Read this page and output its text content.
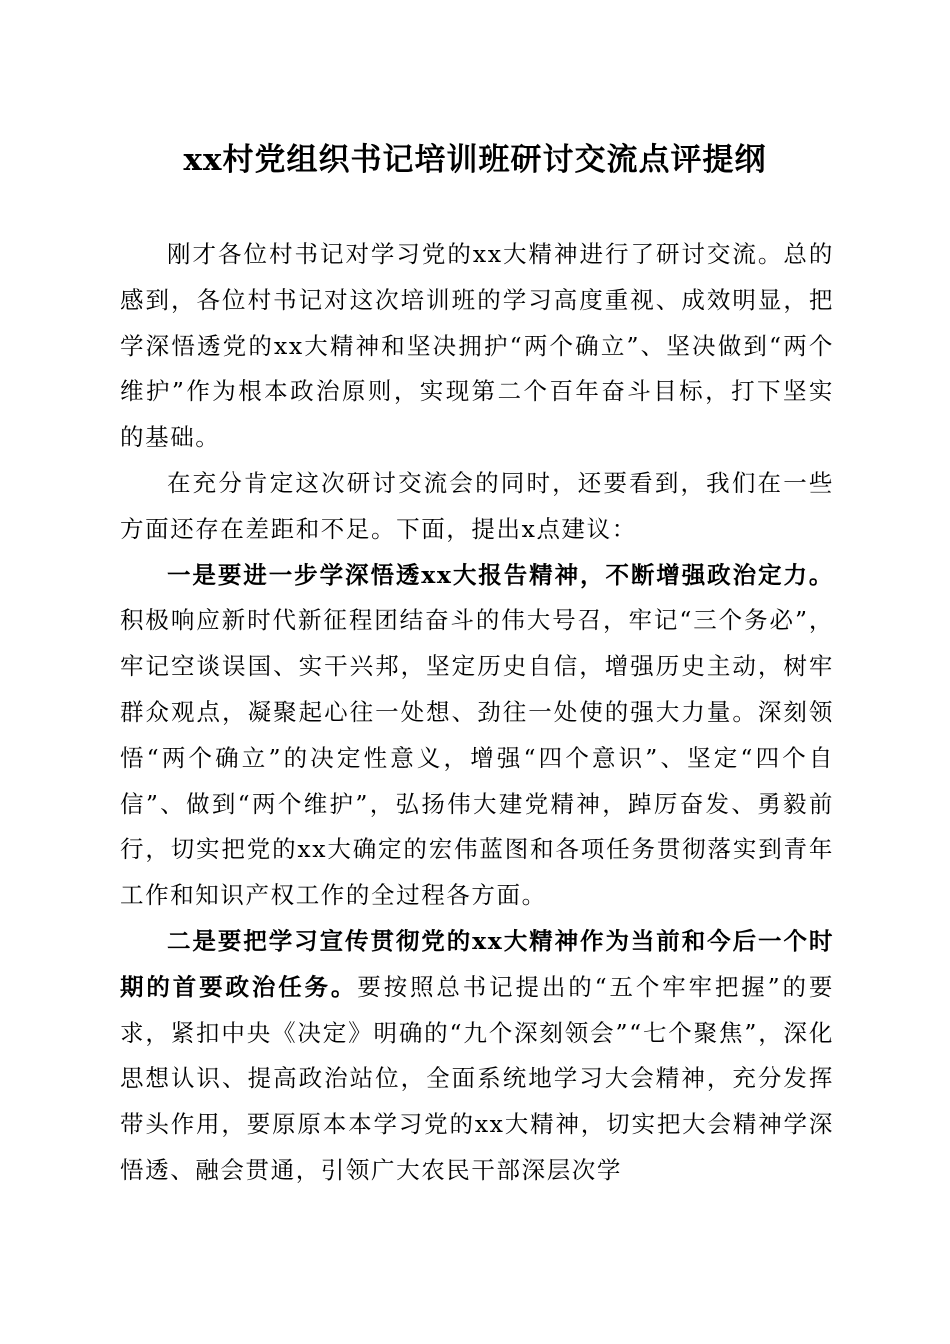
xx村党组织书记培训班研讨交流点评提纲

刚才各位村书记对学习党的xx大精神进行了研讨交流。总的感到，各位村书记对这次培训班的学习高度重视、成效明显，把学深悟透党的xx大精神和坚决拥护“两个确立”、坚决做到“两个维护”作为根本政治原则，实现第二个百年奋斗目标，打下坚实的基础。

在充分肯定这次研讨交流会的同时，还要看到，我们在一些方面还存在差距和不足。下面，提出x点建议：

一是要进一步学深悟透xx大报告精神，不断增强政治定力。积极响应新时代新征程团结奋斗的伟大号召，牢记“三个务必”，牢记空谈误国、实干兴邦，坚定历史自信，增强历史主动，树牢群众观点，凝聚起心往一处想、劲往一处使的强大力量。深刻领悟“两个确立”的决定性意义，增强“四个意识”、坚定“四个自信”、做到“两个维护”，弘扬伟大建党精神，踔厉奋发、勇毅前行，切实把党的xx大确定的宏伟蓝图和各项任务贯彻落实到青年工作和知识产权工作的全过程各方面。

二是要把学习宣传贯彻党的xx大精神作为当前和今后一个时期的首要政治任务。要按照总书记提出的“五个牢牢把握”的要求，紧扣中央《决定》明确的“九个深刻领会”“七个聚焦”，深化思想认识、提高政治站位，全面系统地学习大会精神，充分发挥带头作用，要原原本本学习党的xx大精神，切实把大会精神学深悟透、融会贯通，引领广大农民干部深层次学
